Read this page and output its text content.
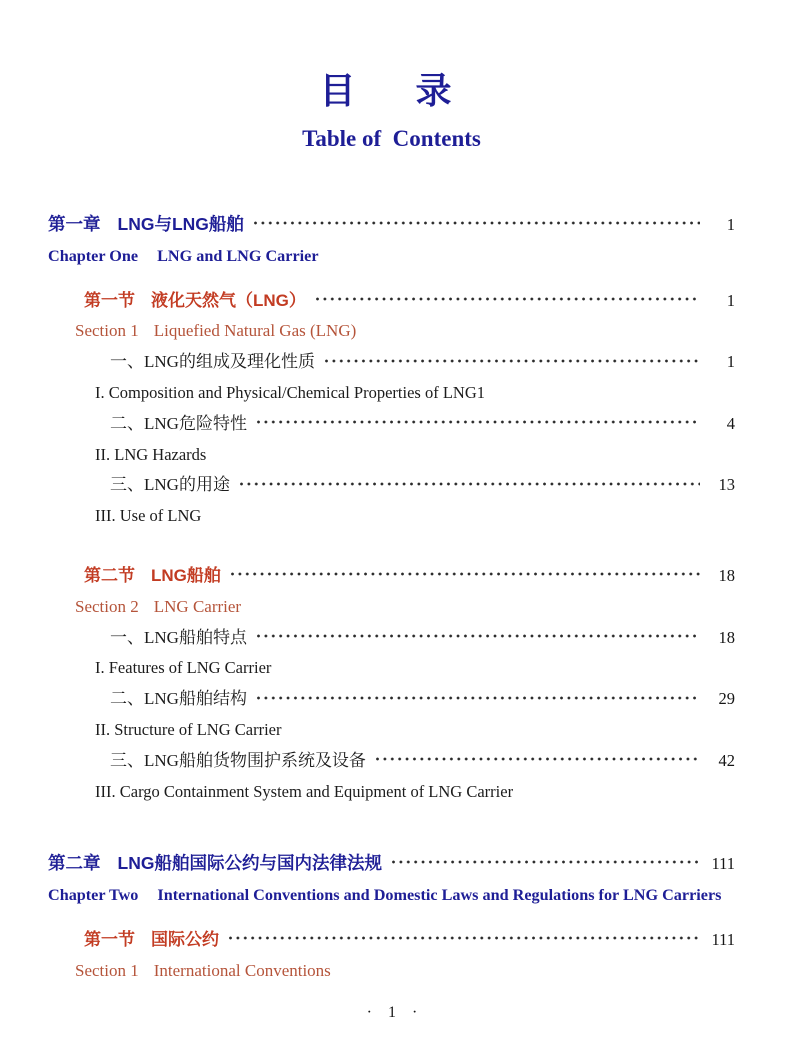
目　录
Table of  Contents
第一章 LNG与LNG船舶	1
Chapter One LNG and LNG Carrier
第一节 液化天然气（LNG）	1
Section 1 Liquefied Natural Gas (LNG)
一、LNG的组成及理化性质	1
I. Composition and Physical/Chemical Properties of LNG1
二、LNG危险特性	4
II. LNG Hazards
三、LNG的用途	13
III. Use of LNG
第二节 LNG船舶	18
Section 2 LNG Carrier
一、LNG船舶特点	18
I. Features of LNG Carrier
二、LNG船舶结构	29
II. Structure of LNG Carrier
三、LNG船舶货物围护系统及设备	42
III. Cargo Containment System and Equipment of LNG Carrier
第二章 LNG船舶国际公约与国内法律法规	111
Chapter Two International Conventions and Domestic Laws and Regulations for LNG Carriers
第一节 国际公约	111
Section 1 International Conventions
· 1 ·
